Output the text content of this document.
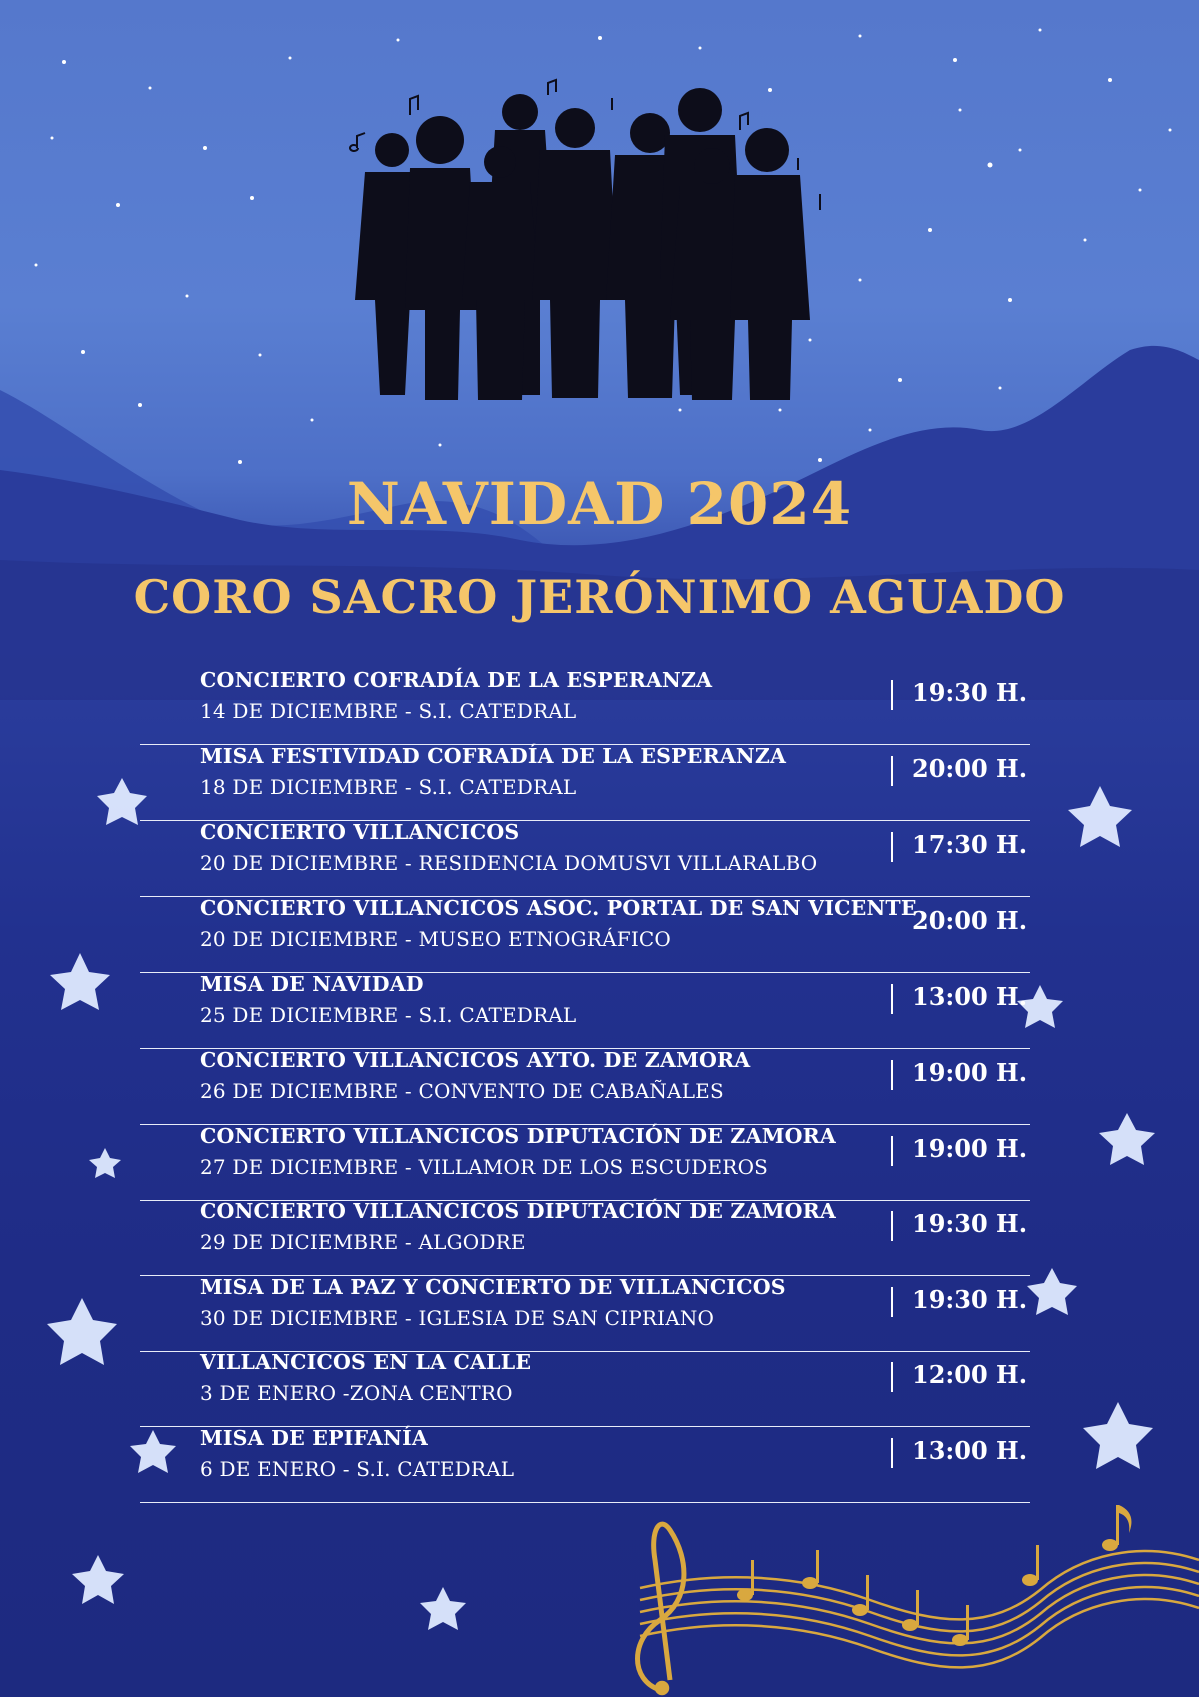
NAVIDAD 2024
CORO SACRO JERÓNIMO AGUADO
CONCIERTO COFRADÍA DE LA ESPERANZA
14 DE DICIEMBRE - S.I. CATEDRAL
19:30 H.
MISA FESTIVIDAD COFRADÍA DE LA ESPERANZA
18 DE DICIEMBRE - S.I. CATEDRAL
20:00 H.
CONCIERTO VILLANCICOS
20 DE DICIEMBRE - RESIDENCIA DOMUSVI VILLARALBO
17:30 H.
CONCIERTO VILLANCICOS ASOC. PORTAL DE SAN VICENTE
20 DE DICIEMBRE - MUSEO ETNOGRÁFICO
20:00 H.
MISA DE NAVIDAD
25 DE DICIEMBRE - S.I. CATEDRAL
13:00 H.
CONCIERTO VILLANCICOS AYTO. DE ZAMORA
26 DE DICIEMBRE - CONVENTO DE CABAÑALES
19:00 H.
CONCIERTO VILLANCICOS DIPUTACIÓN DE ZAMORA
27 DE DICIEMBRE - VILLAMOR DE LOS ESCUDEROS
19:00 H.
CONCIERTO VILLANCICOS DIPUTACIÓN DE ZAMORA
29 DE DICIEMBRE - ALGODRE
19:30 H.
MISA DE LA PAZ Y CONCIERTO DE VILLANCICOS
30 DE DICIEMBRE - IGLESIA DE SAN CIPRIANO
19:30 H.
VILLANCICOS EN LA CALLE
3 DE ENERO -ZONA CENTRO
12:00 H.
MISA DE EPIFANÍA
6 DE ENERO - S.I. CATEDRAL
13:00 H.
